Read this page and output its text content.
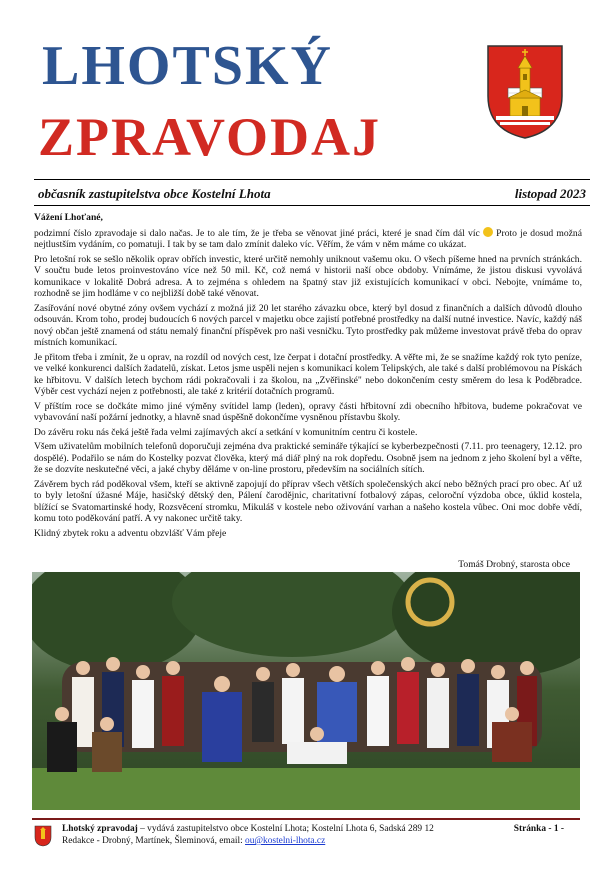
LHOTSKÝ
ZPRAVODAJ
občasník zastupitelstva obce Kostelní Lhota	listopad 2023

Vážení Lhoťané,

podzimní číslo zpravodaje si dalo načas. Je to ale tím, že je třeba se věnovat jiné práci, které je snad čím dál víc Proto je dosud možná nejtlustším vydáním, co pomatuji. I tak by se tam dalo zmínit daleko víc. Věřím, že vám v něm máme co ukázat.

Pro letošní rok se sešlo několik oprav obřích investic, které určitě nemohly uniknout vašemu oku. O všech píšeme hned na prvních stránkách. V součtu bude letos proinvestováno více než 50 mil. Kč, což nemá v historii naší obce obdoby. Vnímáme, že jistou diskusi vyvolává komunikace v lokalitě Dobrá adresa. A to zejména s ohledem na špatný stav již existujících komunikací v obci. Nebojte, vnímáme to, rozhodně se jim hodláme v co nejbližší době také věnovat.

Zasířování nové obytné zóny ovšem vychází z možná již 20 let starého závazku obce, který byl dosud z finančních a dalších důvodů dlouho odsouván. Krom toho, prodej budoucích 6 nových parcel v majetku obce zajistí potřebné prostředky na další nutné investice. Navíc, každý náš nový občan ještě znamená od státu nemalý finanční příspěvek pro naši vesničku. Tyto prostředky pak můžeme investovat právě třeba do oprav místních komunikací.

Je přitom třeba i zmínit, že u oprav, na rozdíl od nových cest, lze čerpat i dotační prostředky. A věřte mi, že se snažíme každý rok tyto peníze, ve velké konkurenci dalších žadatelů, získat. Letos jsme uspěli nejen s komunikací kolem Telipských, ale také s další problémovou na Pískách ke hřbitovu. V dalších letech bychom rádi pokračovali i za školou, na „Zvěřinské" nebo dokončením cesty směrem do lesa k Poděbradce. Výběr cest vychází nejen z potřebnosti, ale také z kritérií dotačních programů.

V příštím roce se dočkáte mimo jiné výměny svítidel lamp (leden), opravy části hřbitovní zdi obecního hřbitova, budeme pokračovat ve vybavování naší požární jednotky, a hlavně snad úspěšně dokončíme vysněnou přístavbu školy.

Do závěru roku nás čeká ještě řada velmi zajímavých akcí a setkání v komunitním centru či kostele.

Všem uživatelům mobilních telefonů doporučuji zejména dva praktické semináře týkající se kyberbezpečnosti (7.11. pro teenagery, 12.12. pro dospělé). Podařilo se nám do Kostelky pozvat člověka, který má diář plný na rok dopředu. Osobně jsem na jednom z jeho školení byl a věřte, že se dozvíte neskutečné věci, a jaké chyby děláme v on-line prostoru, především na sociálních sítích.

Závěrem bych rád poděkoval všem, kteří se aktivně zapojují do příprav všech větších společenských akcí nebo běžných prací pro obec. Ať už to byly letošní úžasné Máje, hasičský dětský den, Pálení čarodějnic, charitativní fotbalový zápas, celoroční výzdoba obce, úklid kostela, blížící se Svatomartinské hody, Rozsvěcení stromku, Mikuláš v kostele nebo oživování varhan a našeho kostela vůbec. Oni moc dobře vědí, komu toto poděkování patří. A vy nakonec určitě taky.

Klidný zbytek roku a adventu obzvlášť Vám přeje

Tomáš Drobný, starosta obce
Lhotský zpravodaj – vydává zastupitelstvo obce Kostelní Lhota; Kostelní Lhota 6, Sadská 289 12	Stránka - 1 -
Redakce - Drobný, Martínek, Šleminová, email: ou@kostelni-lhota.cz
